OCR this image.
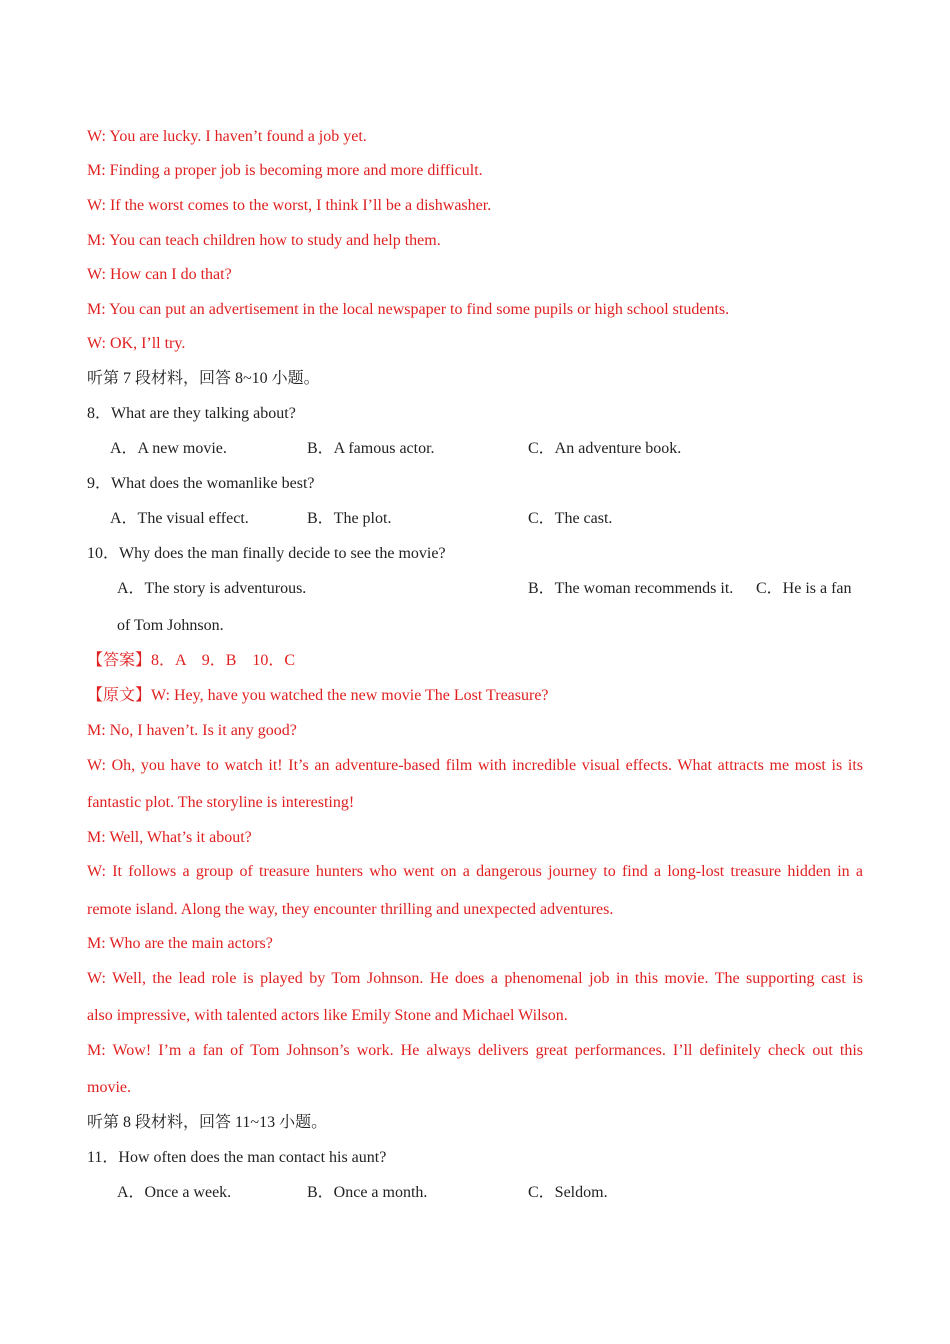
W: You are lucky. I haven’t found a job yet.
M: Finding a proper job is becoming more and more difficult.
W: If the worst comes to the worst, I think I’ll be a dishwasher.
M: You can teach children how to study and help them.
W: How can I do that?
M: You can put an advertisement in the local newspaper to find some pupils or high school students.
W: OK, I’ll try.
听第 7 段材料，回答 8~10 小题。
8．What are they talking about?
A．A new movie.	B．A famous actor.	C．An adventure book.
9．What does the womanlike best?
A．The visual effect.	B．The plot.	C．The cast.
10．Why does the man finally decide to see the movie?
A．The story is adventurous.	B．The woman recommends it. C．He is a fan
of Tom Johnson.
【答案】8．A　9．B　10．C
【原文】W: Hey, have you watched the new movie The Lost Treasure?
M: No, I haven’t. Is it any good?
W: Oh, you have to watch it! It’s an adventure-based film with incredible visual effects. What attracts me most is its
fantastic plot. The storyline is interesting!
M: Well, What’s it about?
W: It follows a group of treasure hunters who went on a dangerous journey to find a long-lost treasure hidden in a
remote island. Along the way, they encounter thrilling and unexpected adventures.
M: Who are the main actors?
W: Well, the lead role is played by Tom Johnson. He does a phenomenal job in this movie. The supporting cast is
also impressive, with talented actors like Emily Stone and Michael Wilson.
M: Wow! I’m a fan of Tom Johnson’s work. He always delivers great performances. I’ll definitely check out this
movie.
听第 8 段材料，回答 11~13 小题。
11．How often does the man contact his aunt?
A．Once a week.	B．Once a month.	C．Seldom.
